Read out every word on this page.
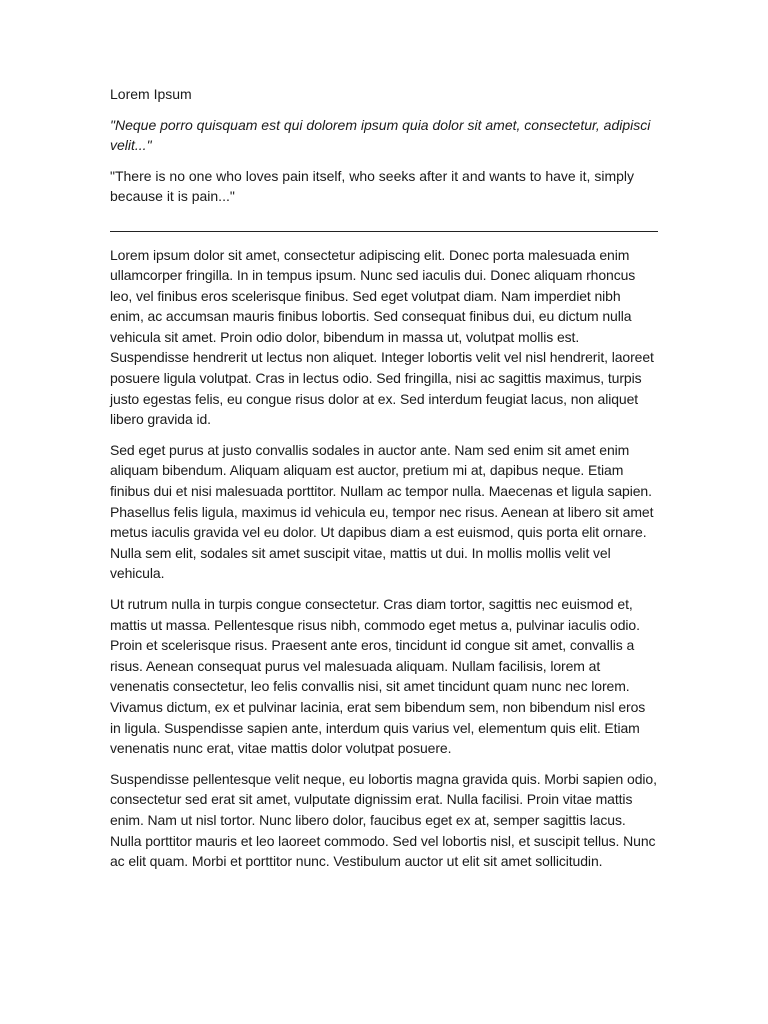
Lorem Ipsum

"Neque porro quisquam est qui dolorem ipsum quia dolor sit amet, consectetur, adipisci velit..."

"There is no one who loves pain itself, who seeks after it and wants to have it, simply because it is pain..."

Lorem ipsum dolor sit amet, consectetur adipiscing elit. Donec porta malesuada enim ullamcorper fringilla. In in tempus ipsum. Nunc sed iaculis dui. Donec aliquam rhoncus leo, vel finibus eros scelerisque finibus. Sed eget volutpat diam. Nam imperdiet nibh enim, ac accumsan mauris finibus lobortis. Sed consequat finibus dui, eu dictum nulla vehicula sit amet. Proin odio dolor, bibendum in massa ut, volutpat mollis est. Suspendisse hendrerit ut lectus non aliquet. Integer lobortis velit vel nisl hendrerit, laoreet posuere ligula volutpat. Cras in lectus odio. Sed fringilla, nisi ac sagittis maximus, turpis justo egestas felis, eu congue risus dolor at ex. Sed interdum feugiat lacus, non aliquet libero gravida id.

Sed eget purus at justo convallis sodales in auctor ante. Nam sed enim sit amet enim aliquam bibendum. Aliquam aliquam est auctor, pretium mi at, dapibus neque. Etiam finibus dui et nisi malesuada porttitor. Nullam ac tempor nulla. Maecenas et ligula sapien. Phasellus felis ligula, maximus id vehicula eu, tempor nec risus. Aenean at libero sit amet metus iaculis gravida vel eu dolor. Ut dapibus diam a est euismod, quis porta elit ornare. Nulla sem elit, sodales sit amet suscipit vitae, mattis ut dui. In mollis mollis velit vel vehicula.

Ut rutrum nulla in turpis congue consectetur. Cras diam tortor, sagittis nec euismod et, mattis ut massa. Pellentesque risus nibh, commodo eget metus a, pulvinar iaculis odio. Proin et scelerisque risus. Praesent ante eros, tincidunt id congue sit amet, convallis a risus. Aenean consequat purus vel malesuada aliquam. Nullam facilisis, lorem at venenatis consectetur, leo felis convallis nisi, sit amet tincidunt quam nunc nec lorem. Vivamus dictum, ex et pulvinar lacinia, erat sem bibendum sem, non bibendum nisl eros in ligula. Suspendisse sapien ante, interdum quis varius vel, elementum quis elit. Etiam venenatis nunc erat, vitae mattis dolor volutpat posuere.

Suspendisse pellentesque velit neque, eu lobortis magna gravida quis. Morbi sapien odio, consectetur sed erat sit amet, vulputate dignissim erat. Nulla facilisi. Proin vitae mattis enim. Nam ut nisl tortor. Nunc libero dolor, faucibus eget ex at, semper sagittis lacus. Nulla porttitor mauris et leo laoreet commodo. Sed vel lobortis nisl, et suscipit tellus. Nunc ac elit quam. Morbi et porttitor nunc. Vestibulum auctor ut elit sit amet sollicitudin.
